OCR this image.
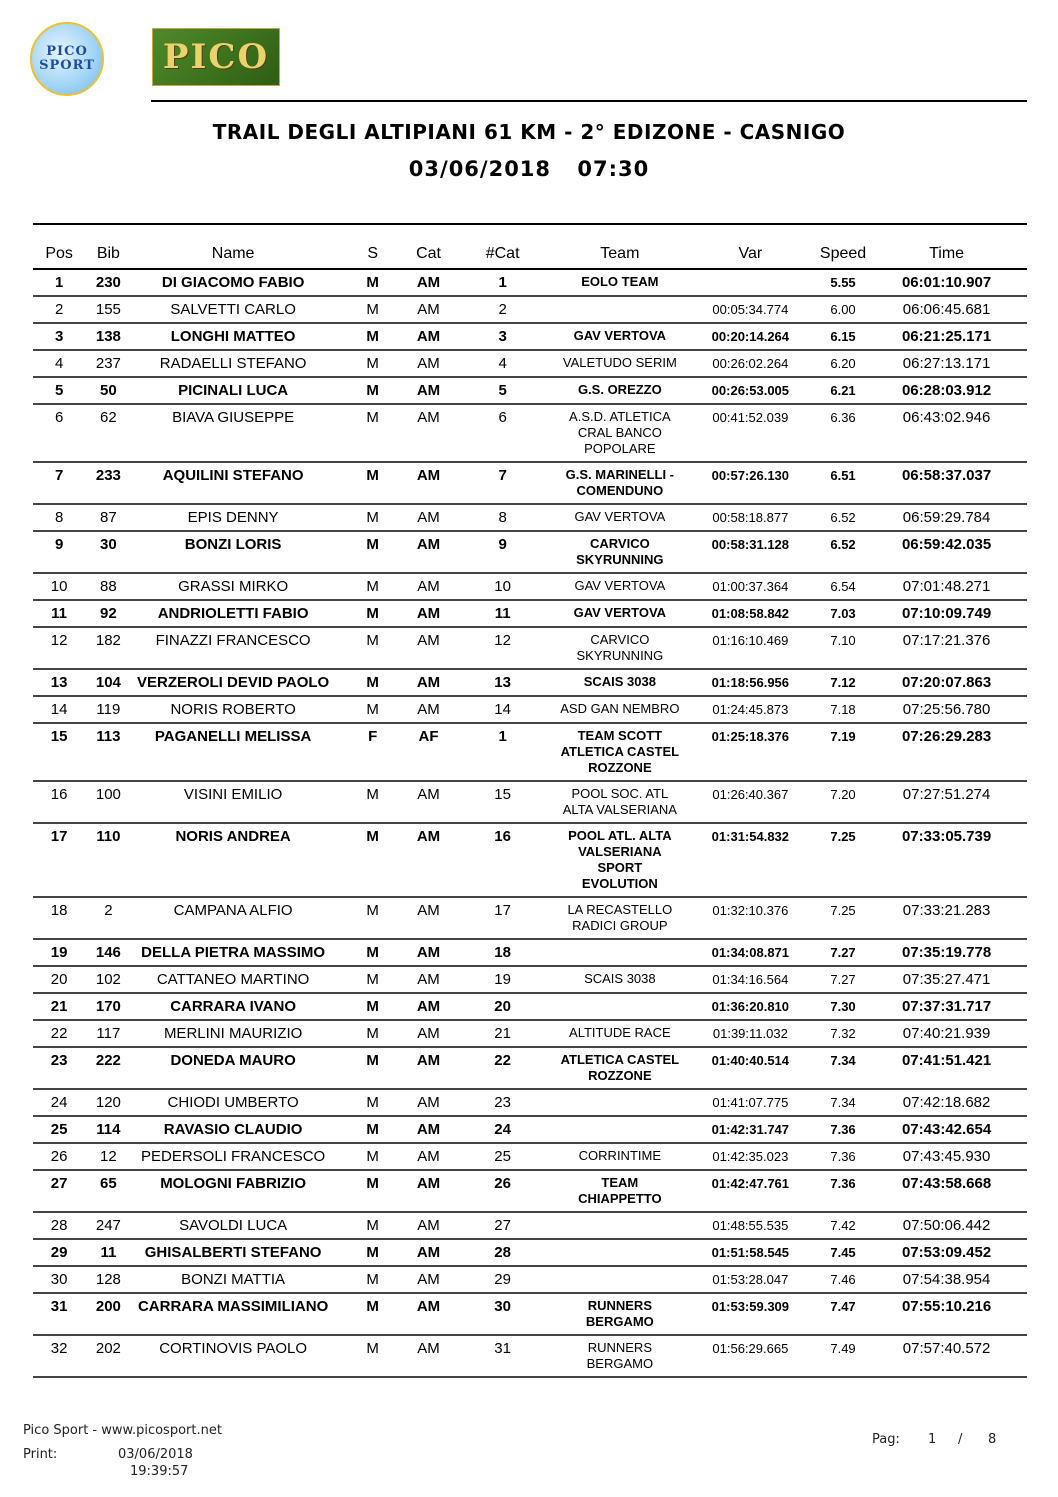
PICO SPORT PICO
TRAIL DEGLI ALTIPIANI 61 KM - 2° EDIZONE - CASNIGO
03/06/2018 07:30
Pos	Bib	Name	S	Cat	#Cat	Team	Var	Speed	Time
1	230	DI GIACOMO FABIO	M	AM	1	EOLO TEAM		5.55	06:01:10.907
2	155	SALVETTI CARLO	M	AM	2		00:05:34.774	6.00	06:06:45.681
3	138	LONGHI MATTEO	M	AM	3	GAV VERTOVA	00:20:14.264	6.15	06:21:25.171
4	237	RADAELLI STEFANO	M	AM	4	VALETUDO SERIM	00:26:02.264	6.20	06:27:13.171
5	50	PICINALI LUCA	M	AM	5	G.S. OREZZO	00:26:53.005	6.21	06:28:03.912
6	62	BIAVA GIUSEPPE	M	AM	6	A.S.D. ATLETICA CRAL BANCO POPOLARE	00:41:52.039	6.36	06:43:02.946
7	233	AQUILINI STEFANO	M	AM	7	G.S. MARINELLI - COMENDUNO	00:57:26.130	6.51	06:58:37.037
8	87	EPIS DENNY	M	AM	8	GAV VERTOVA	00:58:18.877	6.52	06:59:29.784
9	30	BONZI LORIS	M	AM	9	CARVICO SKYRUNNING	00:58:31.128	6.52	06:59:42.035
10	88	GRASSI MIRKO	M	AM	10	GAV VERTOVA	01:00:37.364	6.54	07:01:48.271
11	92	ANDRIOLETTI FABIO	M	AM	11	GAV VERTOVA	01:08:58.842	7.03	07:10:09.749
12	182	FINAZZI FRANCESCO	M	AM	12	CARVICO SKYRUNNING	01:16:10.469	7.10	07:17:21.376
13	104	VERZEROLI DEVID PAOLO	M	AM	13	SCAIS 3038	01:18:56.956	7.12	07:20:07.863
14	119	NORIS ROBERTO	M	AM	14	ASD GAN NEMBRO	01:24:45.873	7.18	07:25:56.780
15	113	PAGANELLI MELISSA	F	AF	1	TEAM SCOTT ATLETICA CASTEL ROZZONE	01:25:18.376	7.19	07:26:29.283
16	100	VISINI EMILIO	M	AM	15	POOL SOC. ATL ALTA VALSERIANA	01:26:40.367	7.20	07:27:51.274
17	110	NORIS ANDREA	M	AM	16	POOL ATL. ALTA VALSERIANA SPORT EVOLUTION	01:31:54.832	7.25	07:33:05.739
18	2	CAMPANA ALFIO	M	AM	17	LA RECASTELLO RADICI GROUP	01:32:10.376	7.25	07:33:21.283
19	146	DELLA PIETRA MASSIMO	M	AM	18		01:34:08.871	7.27	07:35:19.778
20	102	CATTANEO MARTINO	M	AM	19	SCAIS 3038	01:34:16.564	7.27	07:35:27.471
21	170	CARRARA IVANO	M	AM	20		01:36:20.810	7.30	07:37:31.717
22	117	MERLINI MAURIZIO	M	AM	21	ALTITUDE RACE	01:39:11.032	7.32	07:40:21.939
23	222	DONEDA MAURO	M	AM	22	ATLETICA CASTEL ROZZONE	01:40:40.514	7.34	07:41:51.421
24	120	CHIODI UMBERTO	M	AM	23		01:41:07.775	7.34	07:42:18.682
25	114	RAVASIO CLAUDIO	M	AM	24		01:42:31.747	7.36	07:43:42.654
26	12	PEDERSOLI FRANCESCO	M	AM	25	CORRINTIME	01:42:35.023	7.36	07:43:45.930
27	65	MOLOGNI FABRIZIO	M	AM	26	TEAM CHIAPPETTO	01:42:47.761	7.36	07:43:58.668
28	247	SAVOLDI LUCA	M	AM	27		01:48:55.535	7.42	07:50:06.442
29	11	GHISALBERTI STEFANO	M	AM	28		01:51:58.545	7.45	07:53:09.452
30	128	BONZI MATTIA	M	AM	29		01:53:28.047	7.46	07:54:38.954
31	200	CARRARA MASSIMILIANO	M	AM	30	RUNNERS BERGAMO	01:53:59.309	7.47	07:55:10.216
32	202	CORTINOVIS PAOLO	M	AM	31	RUNNERS BERGAMO	01:56:29.665	7.49	07:57:40.572
Pico Sport - www.picosport.net
Print:	03/06/2018
19:39:57
Pag: 1 / 8
